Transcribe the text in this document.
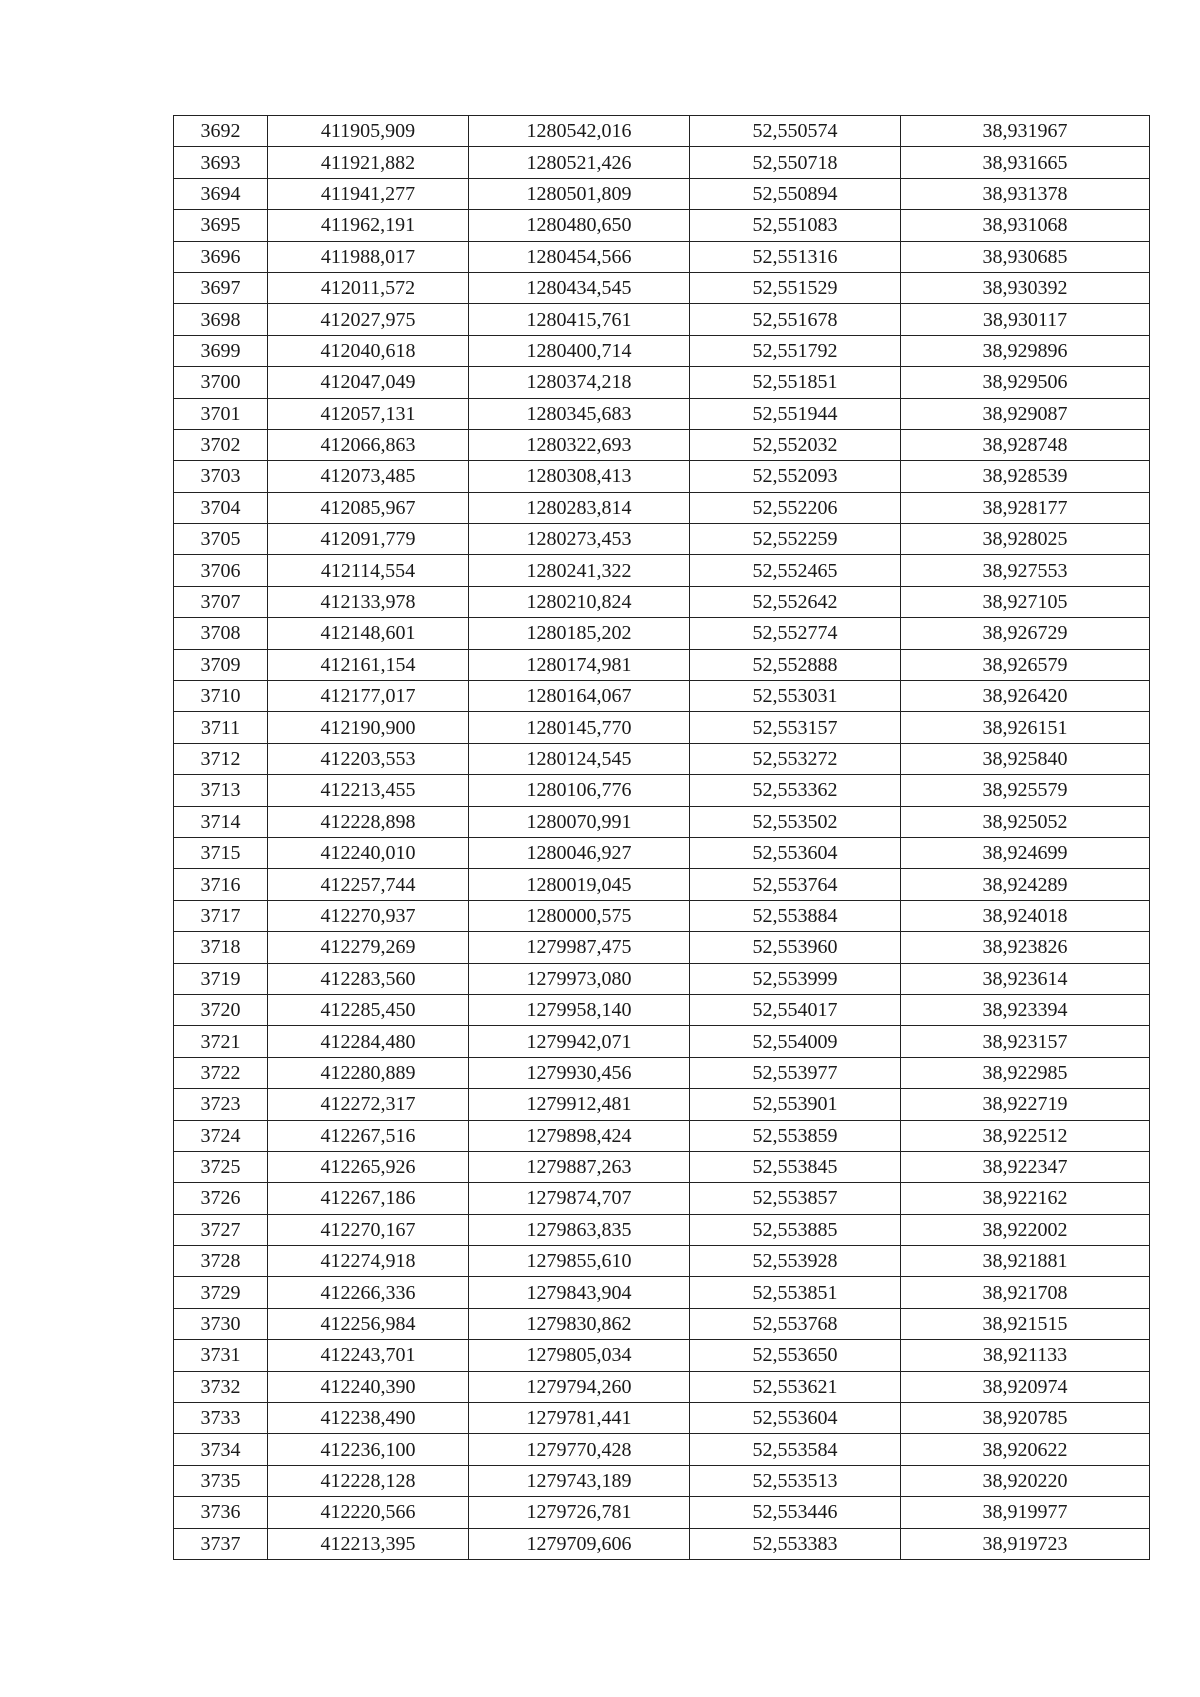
3692	411905,909	1280542,016	52,550574	38,931967
3693	411921,882	1280521,426	52,550718	38,931665
3694	411941,277	1280501,809	52,550894	38,931378
3695	411962,191	1280480,650	52,551083	38,931068
3696	411988,017	1280454,566	52,551316	38,930685
3697	412011,572	1280434,545	52,551529	38,930392
3698	412027,975	1280415,761	52,551678	38,930117
3699	412040,618	1280400,714	52,551792	38,929896
3700	412047,049	1280374,218	52,551851	38,929506
3701	412057,131	1280345,683	52,551944	38,929087
3702	412066,863	1280322,693	52,552032	38,928748
3703	412073,485	1280308,413	52,552093	38,928539
3704	412085,967	1280283,814	52,552206	38,928177
3705	412091,779	1280273,453	52,552259	38,928025
3706	412114,554	1280241,322	52,552465	38,927553
3707	412133,978	1280210,824	52,552642	38,927105
3708	412148,601	1280185,202	52,552774	38,926729
3709	412161,154	1280174,981	52,552888	38,926579
3710	412177,017	1280164,067	52,553031	38,926420
3711	412190,900	1280145,770	52,553157	38,926151
3712	412203,553	1280124,545	52,553272	38,925840
3713	412213,455	1280106,776	52,553362	38,925579
3714	412228,898	1280070,991	52,553502	38,925052
3715	412240,010	1280046,927	52,553604	38,924699
3716	412257,744	1280019,045	52,553764	38,924289
3717	412270,937	1280000,575	52,553884	38,924018
3718	412279,269	1279987,475	52,553960	38,923826
3719	412283,560	1279973,080	52,553999	38,923614
3720	412285,450	1279958,140	52,554017	38,923394
3721	412284,480	1279942,071	52,554009	38,923157
3722	412280,889	1279930,456	52,553977	38,922985
3723	412272,317	1279912,481	52,553901	38,922719
3724	412267,516	1279898,424	52,553859	38,922512
3725	412265,926	1279887,263	52,553845	38,922347
3726	412267,186	1279874,707	52,553857	38,922162
3727	412270,167	1279863,835	52,553885	38,922002
3728	412274,918	1279855,610	52,553928	38,921881
3729	412266,336	1279843,904	52,553851	38,921708
3730	412256,984	1279830,862	52,553768	38,921515
3731	412243,701	1279805,034	52,553650	38,921133
3732	412240,390	1279794,260	52,553621	38,920974
3733	412238,490	1279781,441	52,553604	38,920785
3734	412236,100	1279770,428	52,553584	38,920622
3735	412228,128	1279743,189	52,553513	38,920220
3736	412220,566	1279726,781	52,553446	38,919977
3737	412213,395	1279709,606	52,553383	38,919723
